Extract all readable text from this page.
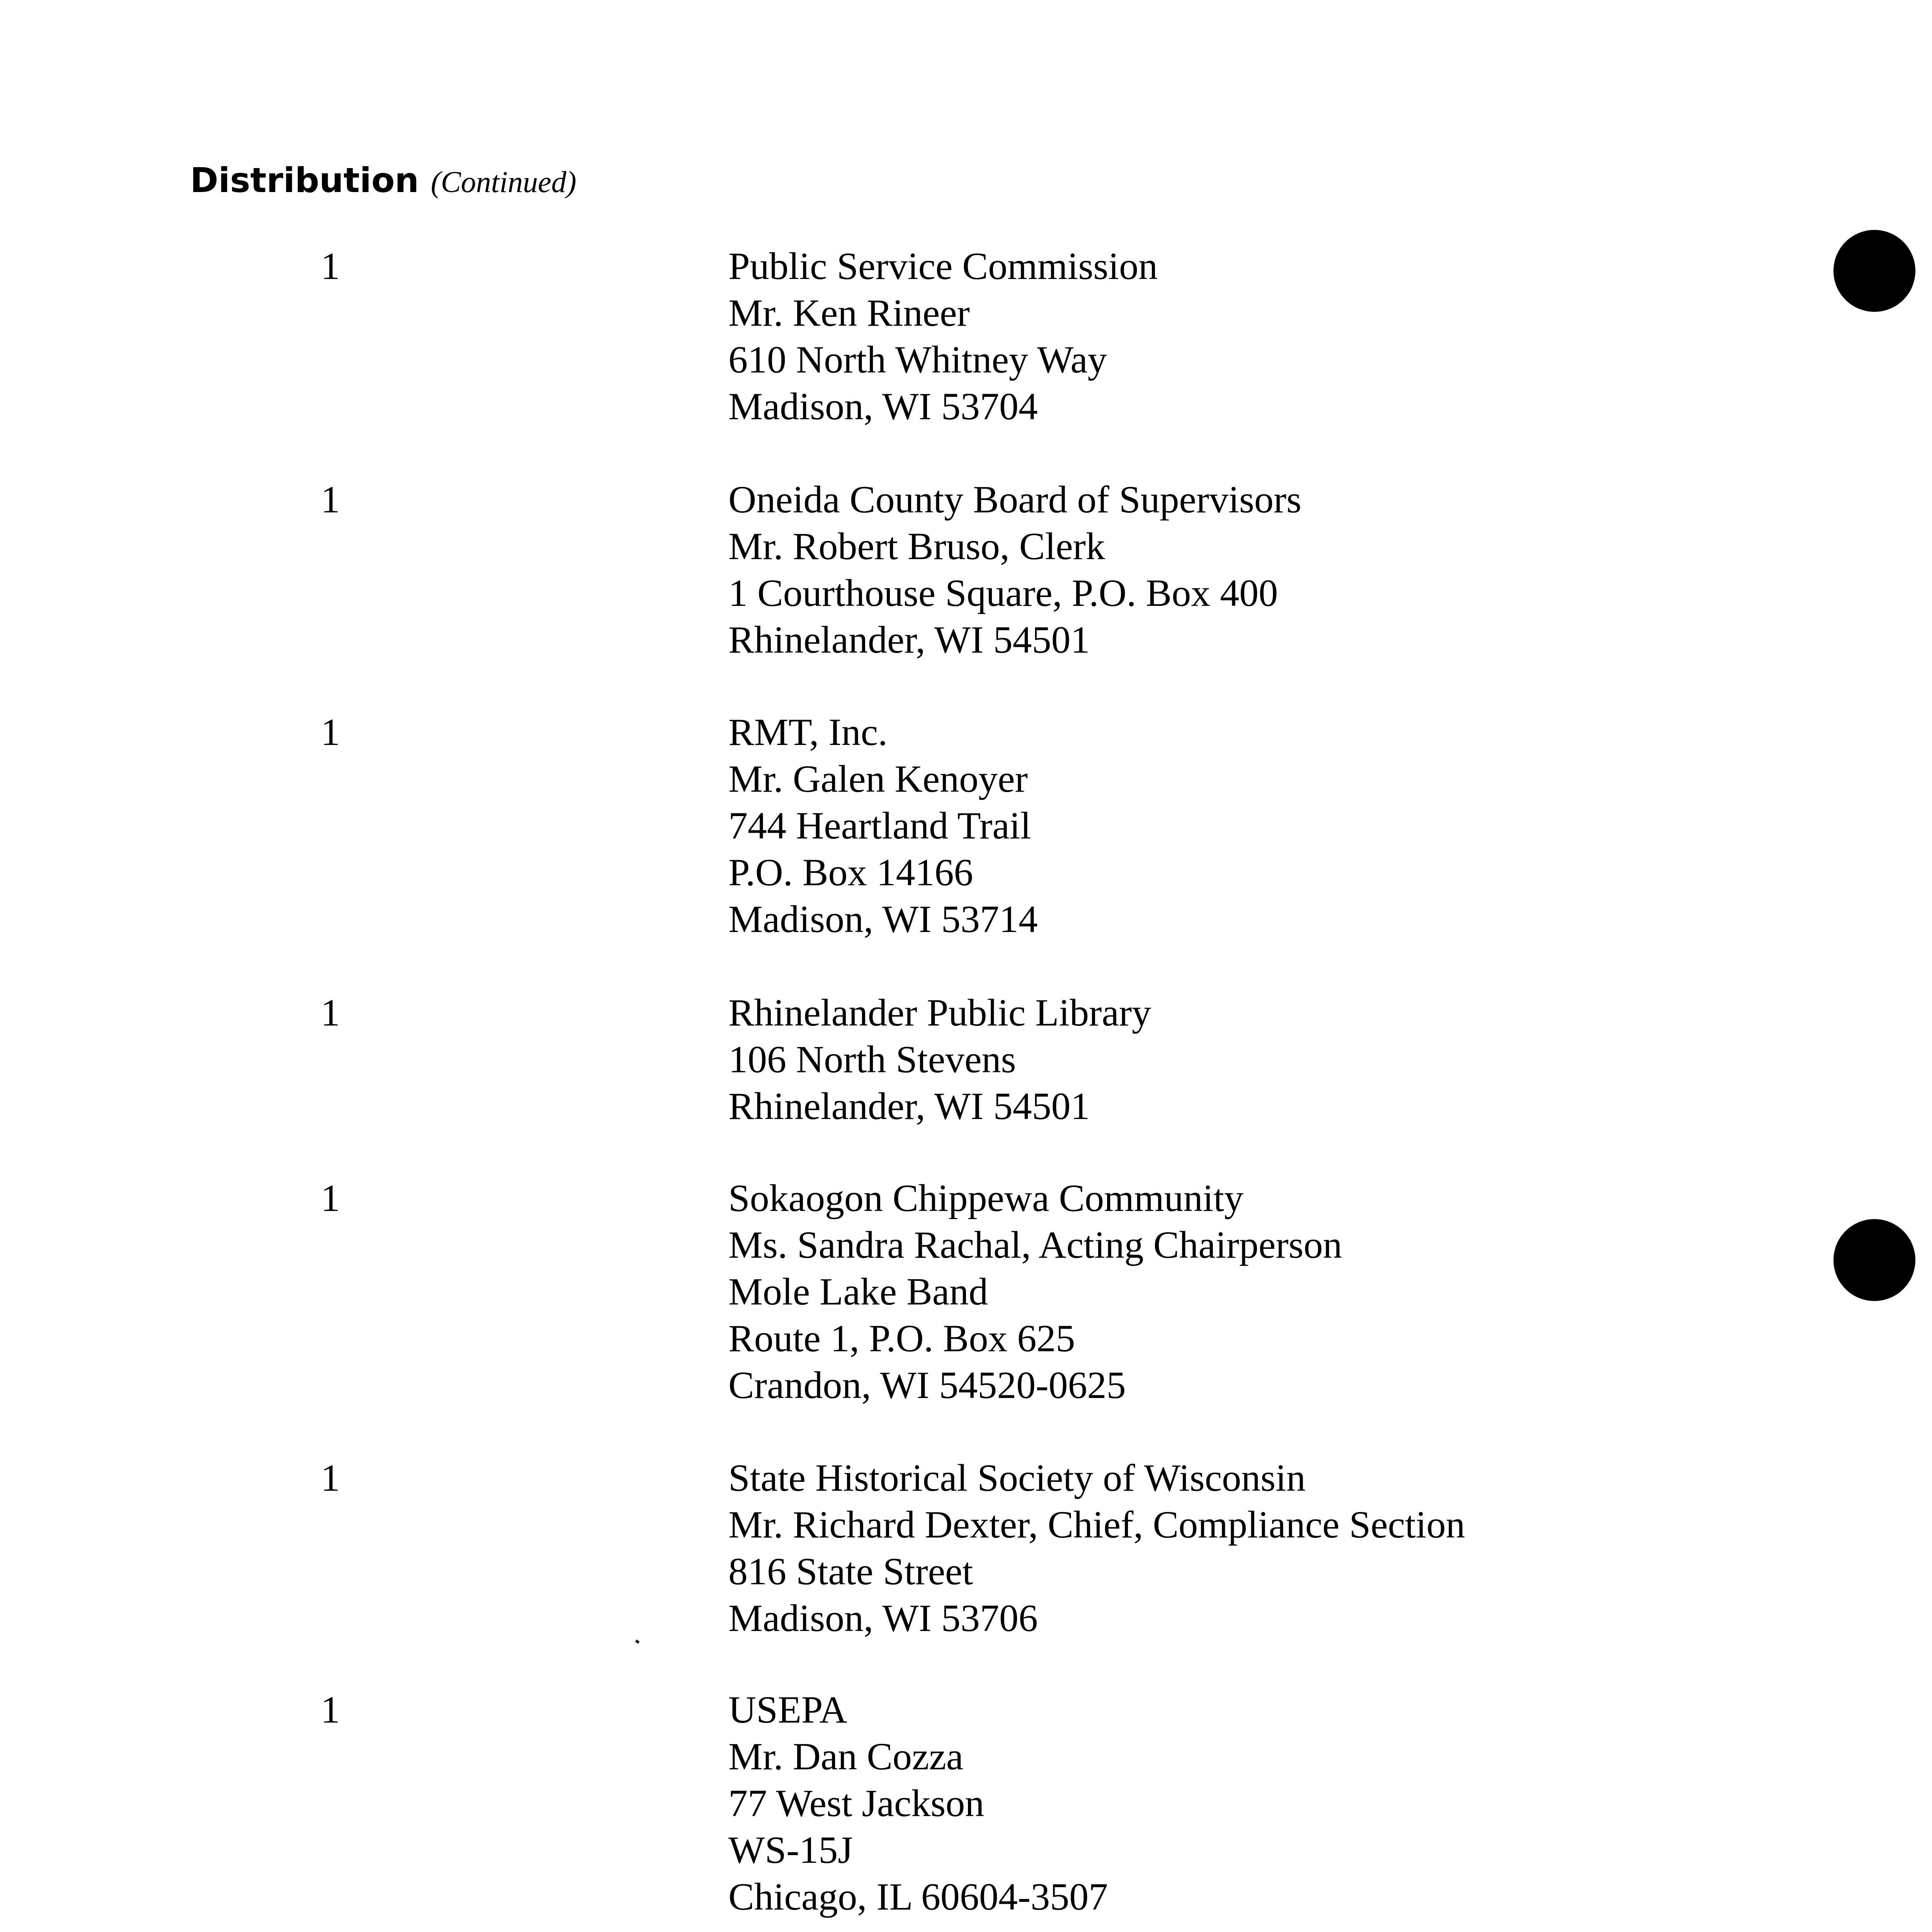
Distribution (Continued)
1	Public Service Commission
Mr. Ken Rineer
610 North Whitney Way
Madison, WI 53704
1	Oneida County Board of Supervisors
Mr. Robert Bruso, Clerk
1 Courthouse Square, P.O. Box 400
Rhinelander, WI 54501
1	RMT, Inc.
Mr. Galen Kenoyer
744 Heartland Trail
P.O. Box 14166
Madison, WI 53714
1	Rhinelander Public Library
106 North Stevens
Rhinelander, WI 54501
1	Sokaogon Chippewa Community
Ms. Sandra Rachal, Acting Chairperson
Mole Lake Band
Route 1, P.O. Box 625
Crandon, WI 54520-0625
1	State Historical Society of Wisconsin
Mr. Richard Dexter, Chief, Compliance Section
816 State Street
Madison, WI 53706
1	USEPA
Mr. Dan Cozza
77 West Jackson
WS-15J
Chicago, IL 60604-3507
